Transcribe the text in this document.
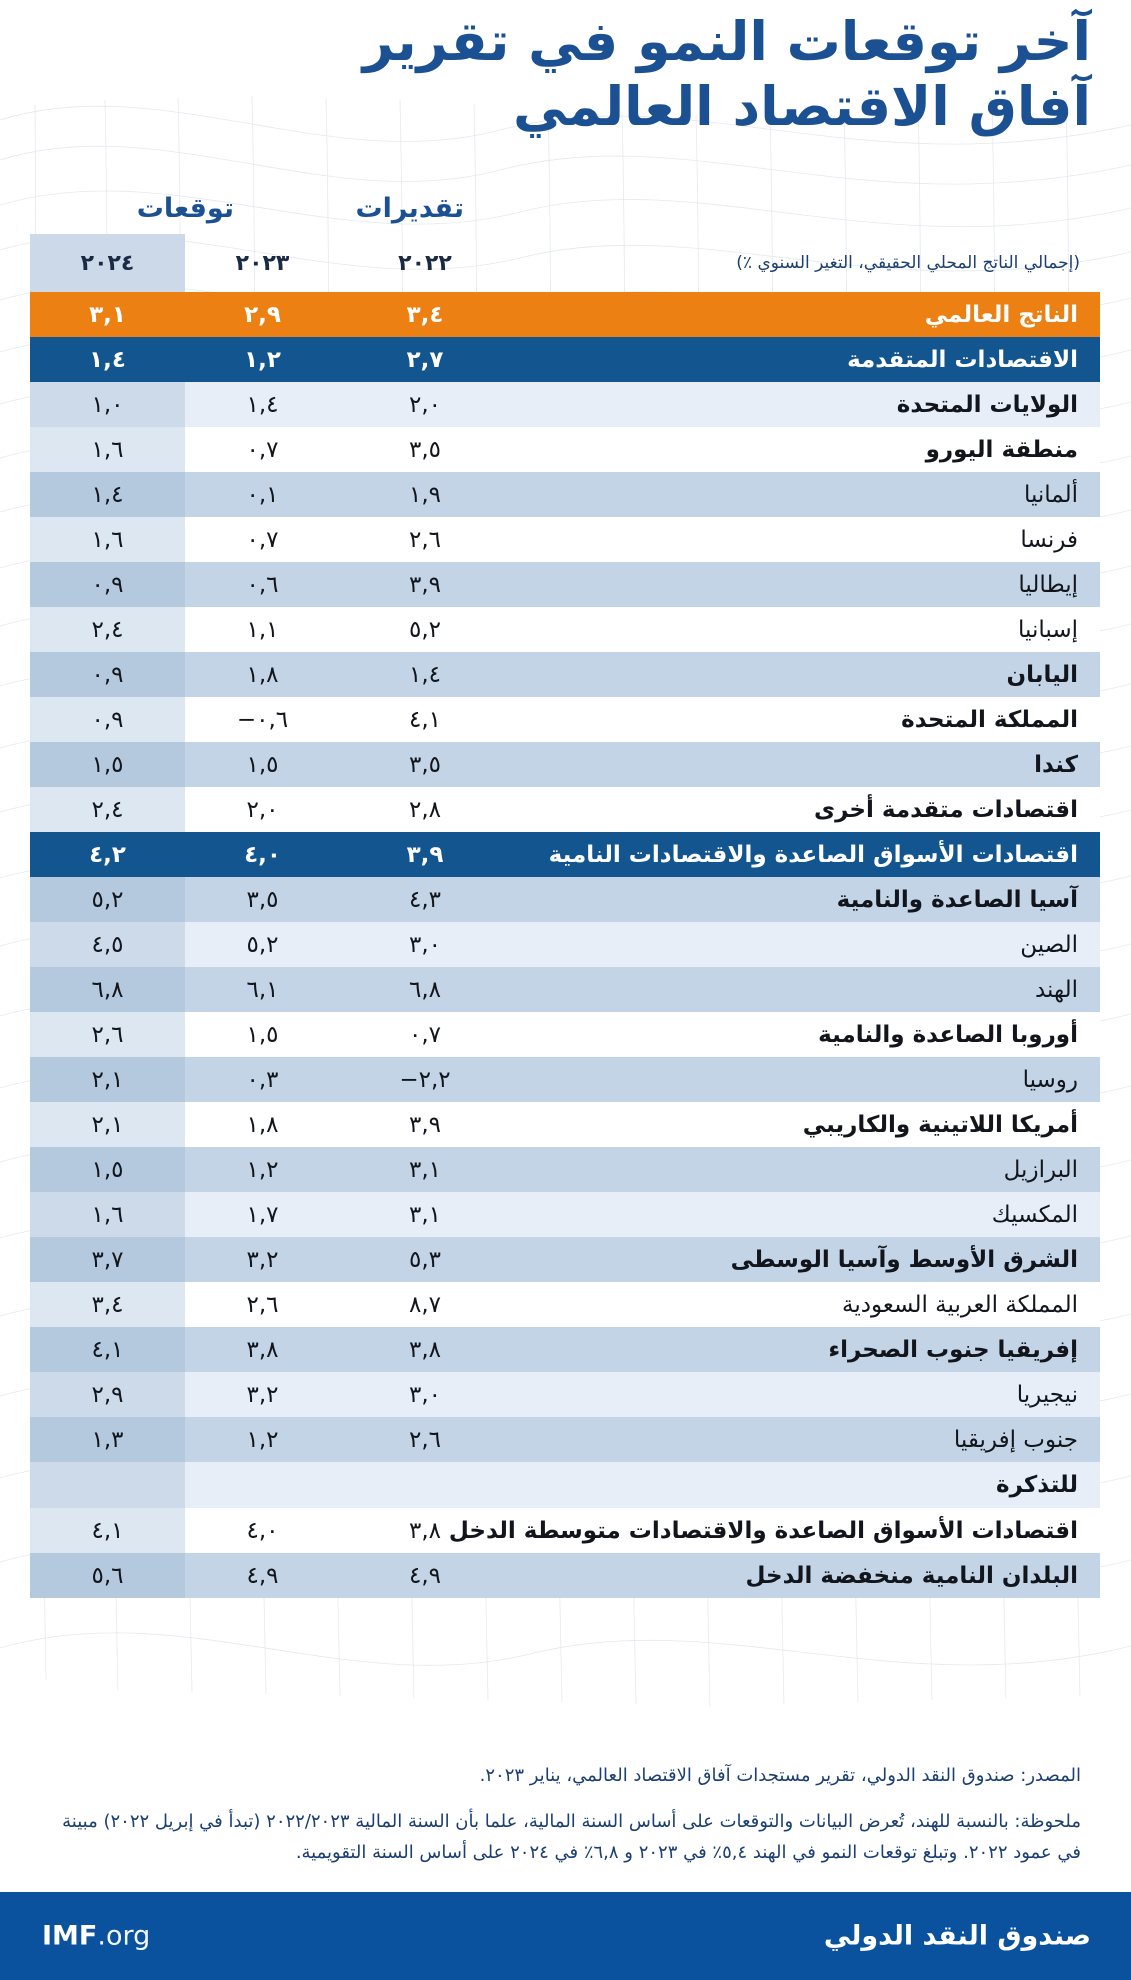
آخر توقعات النمو في تقرير
آفاق الاقتصاد العالمي
توقعات	تقديرات
(إجمالي الناتج المحلي الحقيقي، التغير السنوي ٪)	٢٠٢٢	٢٠٢٣	٢٠٢٤
الناتج العالمي	٣,٤	٢,٩	٣,١
الاقتصادات المتقدمة	٢,٧	١,٢	١,٤
الولايات المتحدة	٢,٠	١,٤	١,٠
منطقة اليورو	٣,٥	٠,٧	١,٦
ألمانيا	١,٩	٠,١	١,٤
فرنسا	٢,٦	٠,٧	١,٦
إيطاليا	٣,٩	٠,٦	٠,٩
إسبانيا	٥,٢	١,١	٢,٤
اليابان	١,٤	١,٨	٠,٩
المملكة المتحدة	٤,١	٠,٦−	٠,٩
كندا	٣,٥	١,٥	١,٥
اقتصادات متقدمة أخرى	٢,٨	٢,٠	٢,٤
اقتصادات الأسواق الصاعدة والاقتصادات النامية	٣,٩	٤,٠	٤,٢
آسيا الصاعدة والنامية	٤,٣	٣,٥	٥,٢
الصين	٣,٠	٥,٢	٤,٥
الهند	٦,٨	٦,١	٦,٨
أوروبا الصاعدة والنامية	٠,٧	١,٥	٢,٦
روسيا	٢,٢−	٠,٣	٢,١
أمريكا اللاتينية والكاريبي	٣,٩	١,٨	٢,١
البرازيل	٣,١	١,٢	١,٥
المكسيك	٣,١	١,٧	١,٦
الشرق الأوسط وآسيا الوسطى	٥,٣	٣,٢	٣,٧
المملكة العربية السعودية	٨,٧	٢,٦	٣,٤
إفريقيا جنوب الصحراء	٣,٨	٣,٨	٤,١
نيجيريا	٣,٠	٣,٢	٢,٩
جنوب إفريقيا	٢,٦	١,٢	١,٣
للتذكرة			
اقتصادات الأسواق الصاعدة والاقتصادات متوسطة الدخل	٣,٨	٤,٠	٤,١
البلدان النامية منخفضة الدخل	٤,٩	٤,٩	٥,٦
المصدر: صندوق النقد الدولي، تقرير مستجدات آفاق الاقتصاد العالمي، يناير ٢٠٢٣.
ملحوظة: بالنسبة للهند، تُعرض البيانات والتوقعات على أساس السنة المالية، علما بأن السنة المالية ٢٠٢٢/٢٠٢٣ (تبدأ في إبريل ٢٠٢٢) مبينة في عمود ٢٠٢٢. وتبلغ توقعات النمو في الهند ٥,٤٪ في ٢٠٢٣ و ٦,٨٪ في ٢٠٢٤ على أساس السنة التقويمية.
صندوق النقد الدولي
IMF.org
